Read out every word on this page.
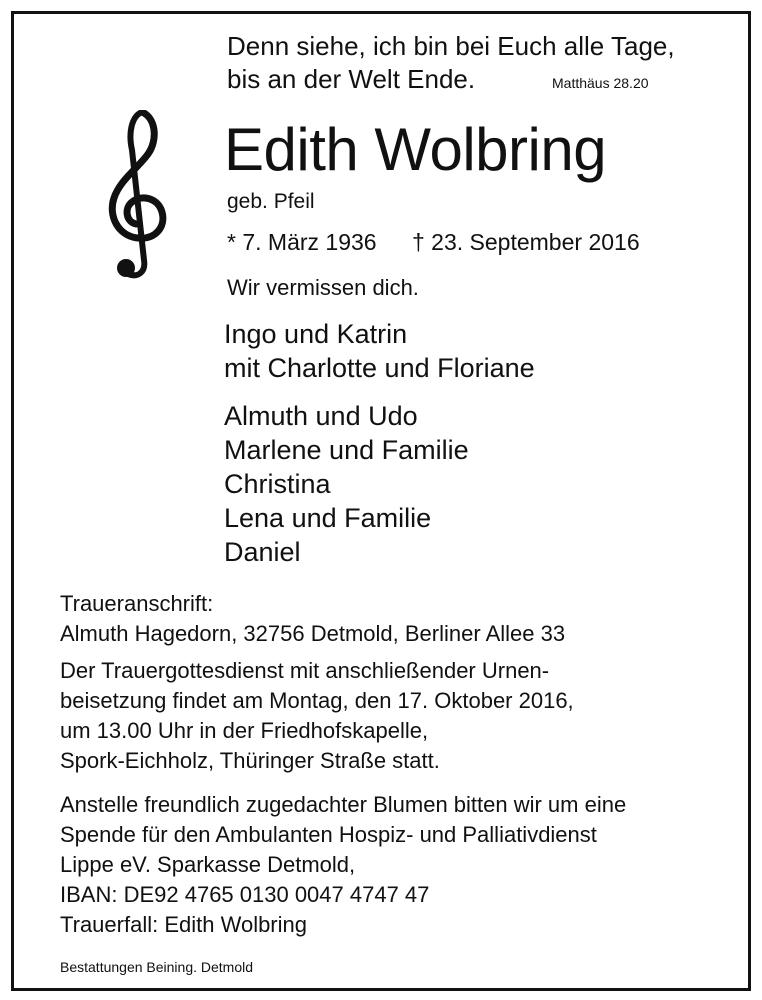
Denn siehe, ich bin bei Euch alle Tage,
bis an der Welt Ende.	Matthäus 28.20
Edith Wolbring
geb. Pfeil
* 7. März 1936 † 23. September 2016
Wir vermissen dich.
Ingo und Katrin
mit Charlotte und Floriane
Almuth und Udo
Marlene und Familie
Christina
Lena und Familie
Daniel
Traueranschrift:
Almuth Hagedorn, 32756 Detmold, Berliner Allee 33
Der Trauergottesdienst mit anschließender Urnen-
beisetzung findet am Montag, den 17. Oktober 2016,
um 13.00 Uhr in der Friedhofskapelle,
Spork-Eichholz, Thüringer Straße statt.
Anstelle freundlich zugedachter Blumen bitten wir um eine
Spende für den Ambulanten Hospiz- und Palliativdienst
Lippe eV. Sparkasse Detmold,
IBAN: DE92 4765 0130 0047 4747 47
Trauerfall: Edith Wolbring
Bestattungen Beining. Detmold
